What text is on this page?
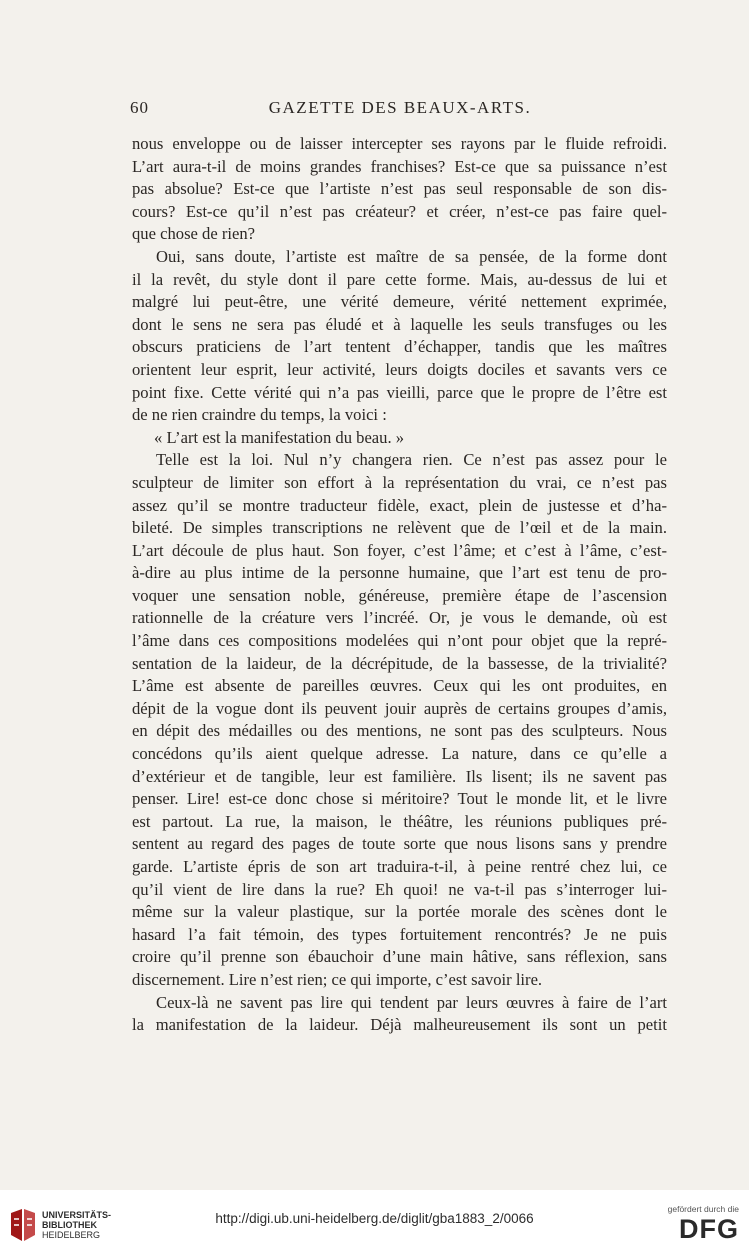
60	GAZETTE DES BEAUX-ARTS.

nous enveloppe ou de laisser intercepter ses rayons par le fluide refroidi.

L’art aura-t-il de moins grandes franchises? Est-ce que sa puissance n’est

pas absolue? Est-ce que l’artiste n’est pas seul responsable de son dis-

cours? Est-ce qu’il n’est pas créateur? et créer, n’est-ce pas faire quel-

que chose de rien?

Oui, sans doute, l’artiste est maître de sa pensée, de la forme dont

il la revêt, du style dont il pare cette forme. Mais, au-dessus de lui et

malgré lui peut-être, une vérité demeure, vérité nettement exprimée,

dont le sens ne sera pas éludé et à laquelle les seuls transfuges ou les

obscurs praticiens de l’art tentent d’échapper, tandis que les maîtres

orientent leur esprit, leur activité, leurs doigts dociles et savants vers ce

point fixe. Cette vérité qui n’a pas vieilli, parce que le propre de l’être est

de ne rien craindre du temps, la voici :

« L’art est la manifestation du beau. »

Telle est la loi. Nul n’y changera rien. Ce n’est pas assez pour le

sculpteur de limiter son effort à la représentation du vrai, ce n’est pas

assez qu’il se montre traducteur fidèle, exact, plein de justesse et d’ha-

bileté. De simples transcriptions ne relèvent que de l’œil et de la main.

L’art découle de plus haut. Son foyer, c’est l’âme; et c’est à l’âme, c’est-

à-dire au plus intime de la personne humaine, que l’art est tenu de pro-

voquer une sensation noble, généreuse, première étape de l’ascension

rationnelle de la créature vers l’incréé. Or, je vous le demande, où est

l’âme dans ces compositions modelées qui n’ont pour objet que la repré-

sentation de la laideur, de la décrépitude, de la bassesse, de la trivialité?

L’âme est absente de pareilles œuvres. Ceux qui les ont produites, en

dépit de la vogue dont ils peuvent jouir auprès de certains groupes d’amis,

en dépit des médailles ou des mentions, ne sont pas des sculpteurs. Nous

concédons qu’ils aient quelque adresse. La nature, dans ce qu’elle a

d’extérieur et de tangible, leur est familière. Ils lisent; ils ne savent pas

penser. Lire! est-ce donc chose si méritoire? Tout le monde lit, et le livre

est partout. La rue, la maison, le théâtre, les réunions publiques pré-

sentent au regard des pages de toute sorte que nous lisons sans y prendre

garde. L’artiste épris de son art traduira-t-il, à peine rentré chez lui, ce

qu’il vient de lire dans la rue? Eh quoi! ne va-t-il pas s’interroger lui-

même sur la valeur plastique, sur la portée morale des scènes dont le

hasard l’a fait témoin, des types fortuitement rencontrés? Je ne puis

croire qu’il prenne son ébauchoir d’une main hâtive, sans réflexion, sans

discernement. Lire n’est rien; ce qui importe, c’est savoir lire.

Ceux-là ne savent pas lire qui tendent par leurs œuvres à faire de l’art

la manifestation de la laideur. Déjà malheureusement ils sont un petit

UNIVERSITÄTS-
BIBLIOTHEK
HEIDELBERG
http://digi.ub.uni-heidelberg.de/diglit/gba1883_2/0066
gefördert durch die
DFG
